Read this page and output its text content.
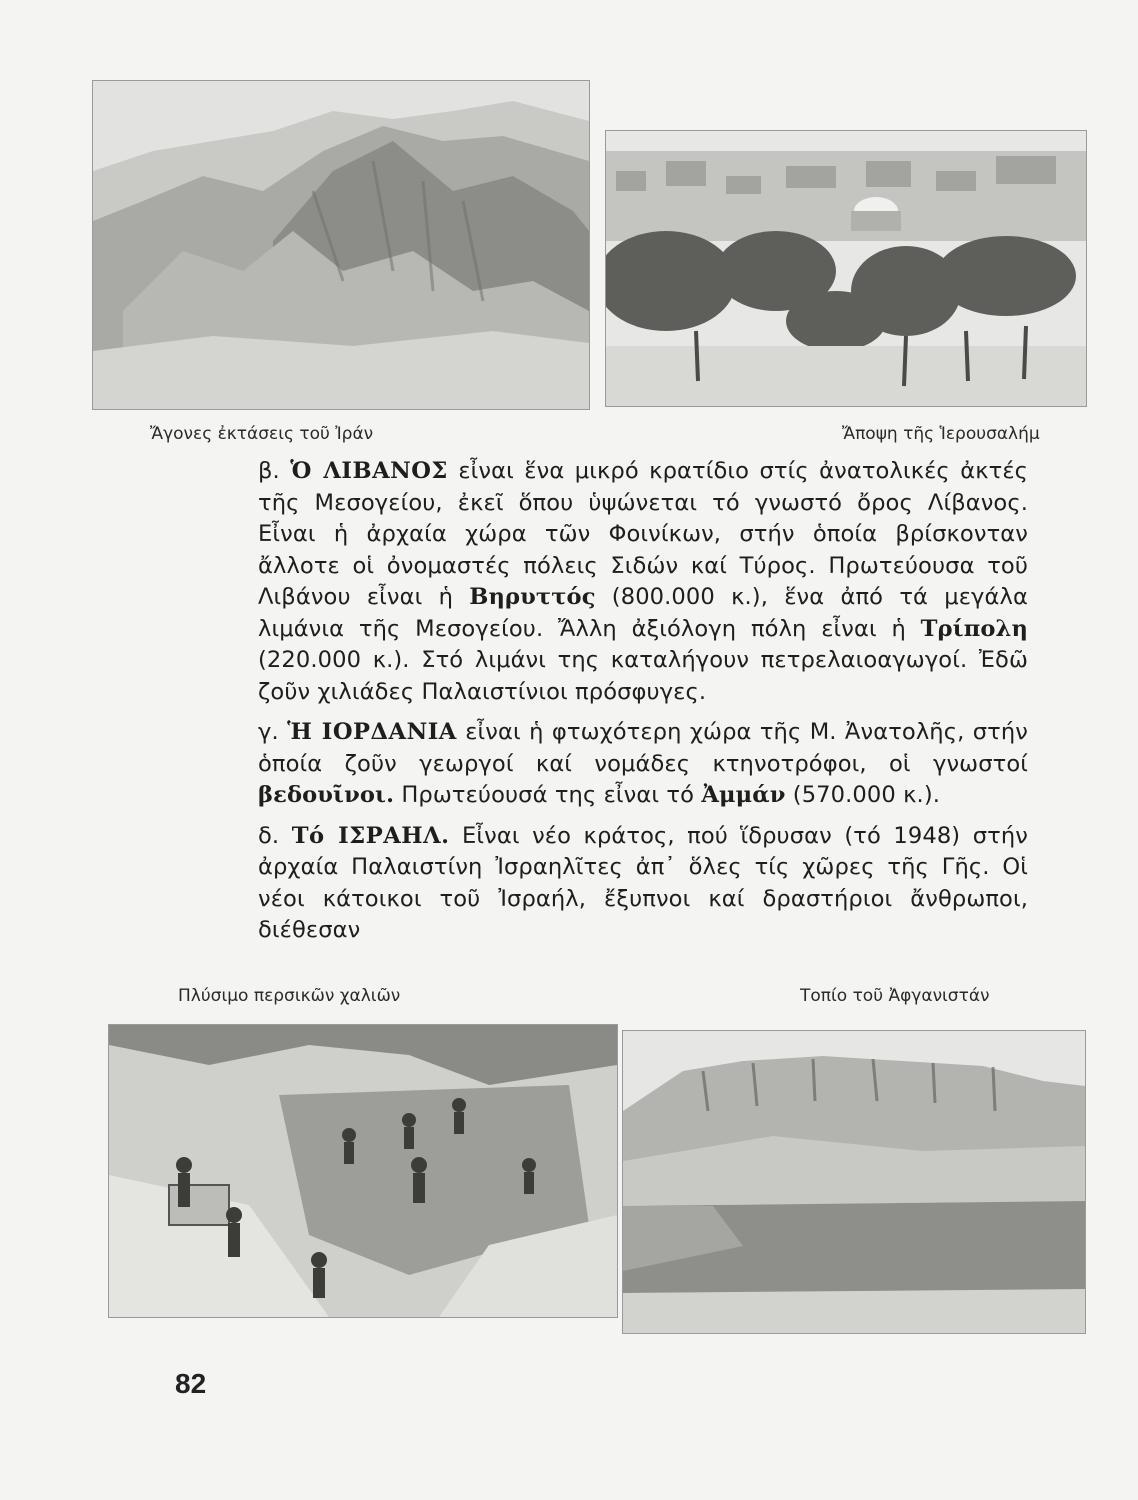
Ἄγονες ἐκτάσεις τοῦ Ἰράν	Ἄποψη τῆς Ἱερουσαλήμ

β. Ὁ ΛΙΒΑΝΟΣ εἶναι ἕνα μικρό κρατίδιο στίς ἀνατολικές ἀκτές τῆς Μεσογείου, ἐκεῖ ὅπου ὑψώνεται τό γνωστό ὄρος Λίβανος. Εἶναι ἡ ἀρχαία χώρα τῶν Φοινίκων, στήν ὁποία βρίσκονταν ἄλλοτε οἱ ὀνομαστές πόλεις Σιδών καί Τύρος. Πρωτεύουσα τοῦ Λιβάνου εἶναι ἡ Βηρυττός (800.000 κ.), ἕνα ἀπό τά μεγάλα λιμάνια τῆς Μεσογείου. Ἄλλη ἀξιόλογη πόλη εἶναι ἡ Τρίπολη (220.000 κ.). Στό λιμάνι της καταλήγουν πετρελαιοαγωγοί. Ἐδῶ ζοῦν χιλιάδες Παλαιστίνιοι πρόσφυγες.

γ. Ἡ ΙΟΡΔΑΝΙΑ εἶναι ἡ φτωχότερη χώρα τῆς Μ. Ἀνατολῆς, στήν ὁποία ζοῦν γεωργοί καί νομάδες κτηνοτρόφοι, οἱ γνωστοί βεδουῖνοι. Πρωτεύουσά της εἶναι τό Ἀμμάν (570.000 κ.).

δ. Τό ΙΣΡΑΗΛ. Εἶναι νέο κράτος, πού ἵδρυσαν (τό 1948) στήν ἀρχαία Παλαιστίνη Ἰσραηλῖτες ἀπ᾿ ὅλες τίς χῶρες τῆς Γῆς. Οἱ νέοι κάτοικοι τοῦ Ἰσραήλ, ἔξυπνοι καί δραστήριοι ἄνθρωποι, διέθεσαν

Πλύσιμο περσικῶν χαλιῶν	Τοπίο τοῦ Ἀφγανιστάν
82
